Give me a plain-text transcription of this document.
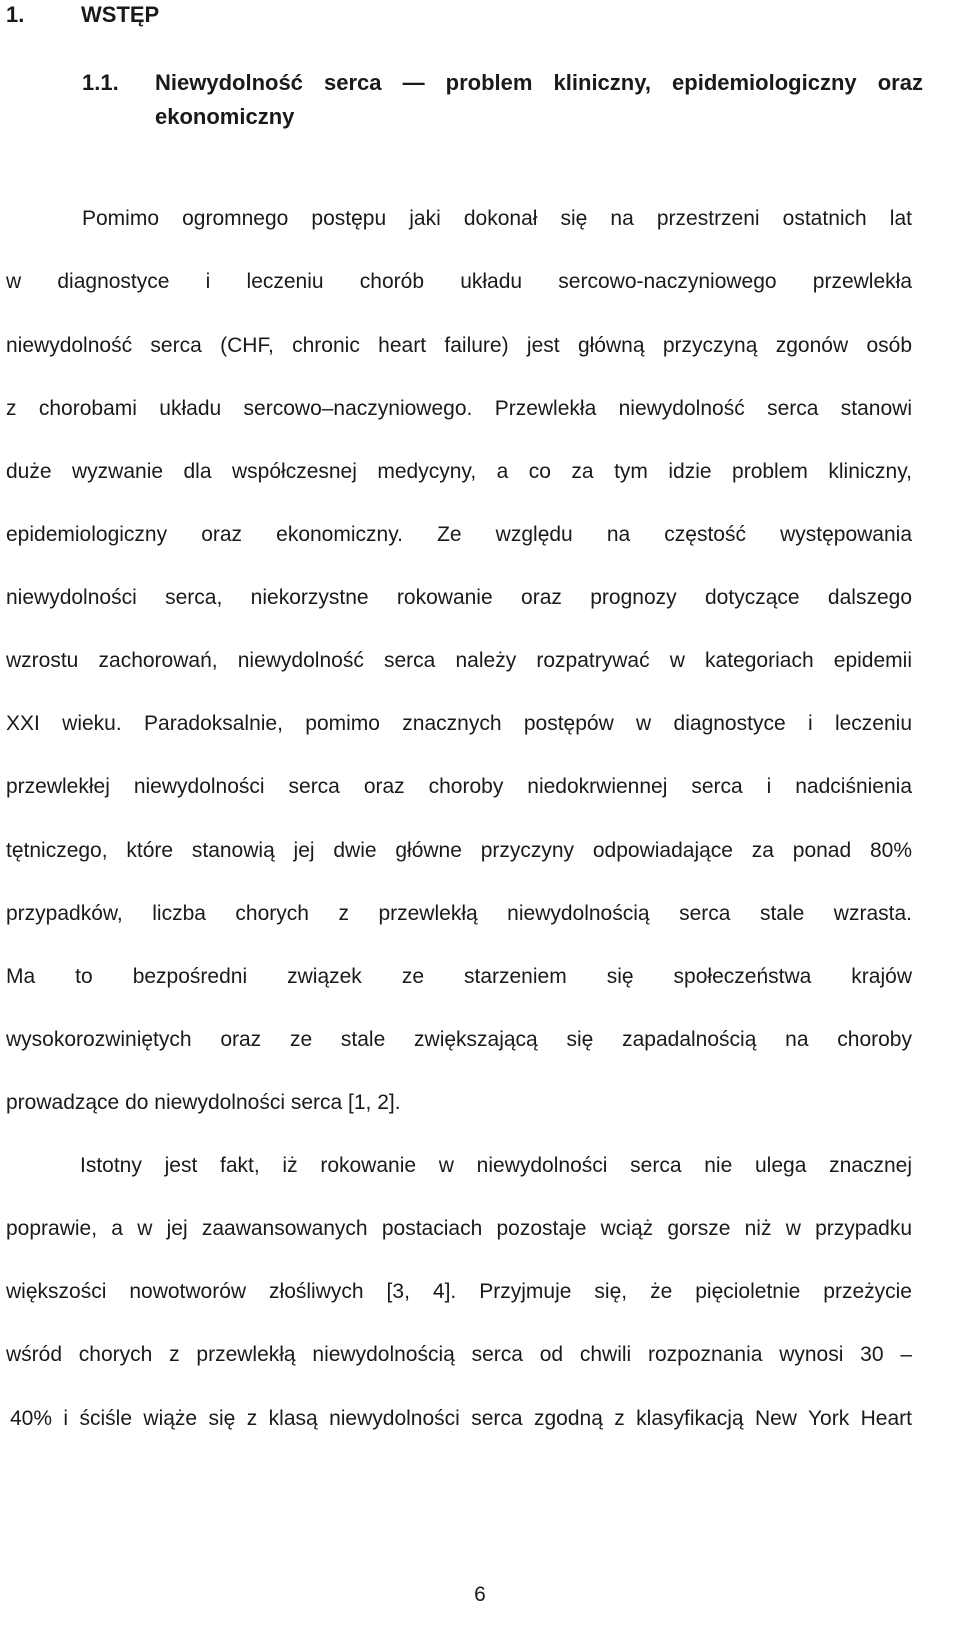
1.	WSTĘP
1.1. Niewydolność serca — problem kliniczny, epidemiologiczny oraz
ekonomiczny
Pomimo ogromnego postępu jaki dokonał się na przestrzeni ostatnich lat
w diagnostyce i leczeniu chorób układu sercowo-naczyniowego przewlekła
niewydolność serca (CHF, chronic heart failure) jest główną przyczyną zgonów osób
z chorobami układu sercowo–naczyniowego. Przewlekła niewydolność serca stanowi
duże wyzwanie dla współczesnej medycyny, a co za tym idzie problem kliniczny,
epidemiologiczny oraz ekonomiczny. Ze względu na częstość występowania
niewydolności serca, niekorzystne rokowanie oraz prognozy dotyczące dalszego
wzrostu zachorowań, niewydolność serca należy rozpatrywać w kategoriach epidemii
XXI wieku. Paradoksalnie, pomimo znacznych postępów w diagnostyce i leczeniu
przewlekłej niewydolności serca oraz choroby niedokrwiennej serca i nadciśnienia
tętniczego, które stanowią jej dwie główne przyczyny odpowiadające za ponad 80%
przypadków, liczba chorych z przewlekłą niewydolnością serca stale wzrasta.
Ma to bezpośredni związek ze starzeniem się społeczeństwa krajów
wysokorozwiniętych oraz ze stale zwiększającą się zapadalnością na choroby
prowadzące do niewydolności serca [1, 2].
Istotny jest fakt, iż rokowanie w niewydolności serca nie ulega znacznej
poprawie, a w jej zaawansowanych postaciach pozostaje wciąż gorsze niż w przypadku
większości nowotworów złośliwych [3, 4]. Przyjmuje się, że pięcioletnie przeżycie
wśród chorych z przewlekłą niewydolnością serca od chwili rozpoznania wynosi 30 –
40% i ściśle wiąże się z klasą niewydolności serca zgodną z klasyfikacją New York Heart
6
